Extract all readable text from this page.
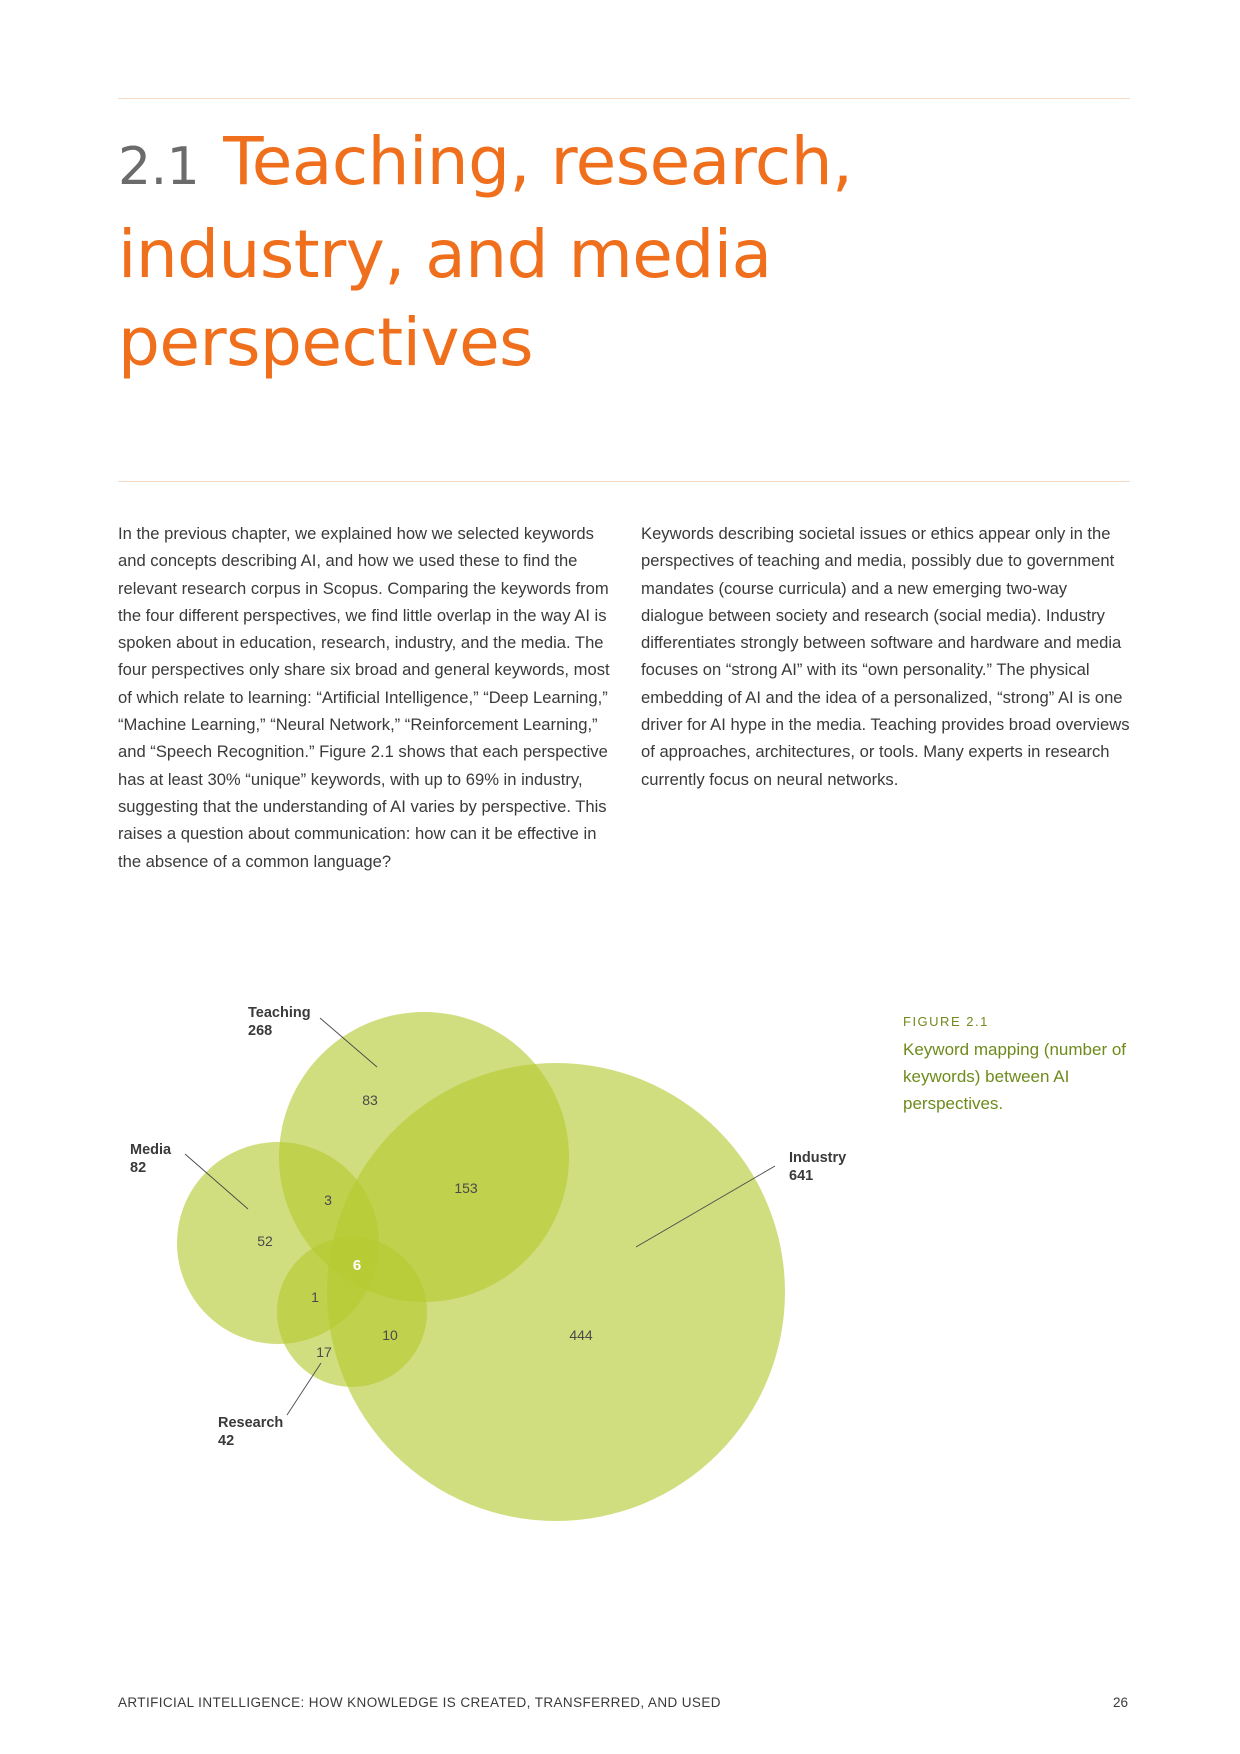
2.1 Teaching, research, industry, and media perspectives

In the previous chapter, we explained how we selected keywords and concepts describing AI, and how we used these to find the relevant research corpus in Scopus. Comparing the keywords from the four different perspectives, we find little overlap in the way AI is spoken about in education, research, industry, and the media. The four perspectives only share six broad and general keywords, most of which relate to learning: “Artificial Intelligence,” “Deep Learning,” “Machine Learning,” “Neural Network,” “Reinforcement Learning,” and “Speech Recognition.” Figure 2.1 shows that each perspective has at least 30% “unique” keywords, with up to 69% in industry, suggesting that the understanding of AI varies by perspective. This raises a question about communication: how can it be effective in the absence of a common language?

Keywords describing societal issues or ethics appear only in the perspectives of teaching and media, possibly due to government mandates (course curricula) and a new emerging two-way dialogue between society and research (social media). Industry differentiates strongly between software and hardware and media focuses on “strong AI” with its “own personality.” The physical embedding of AI and the idea of a personalized, “strong” AI is one driver for AI hype in the media. Teaching provides broad overviews of approaches, architectures, or tools. Many experts in research currently focus on neural networks.

Teaching
268
Media
82
Industry
641
Research
42
83
153
3
52
6
1
10
17
444

FIGURE 2.1

Keyword mapping (number of keywords) between AI perspectives.

ARTIFICIAL INTELLIGENCE: HOW KNOWLEDGE IS CREATED, TRANSFERRED, AND USED	26
